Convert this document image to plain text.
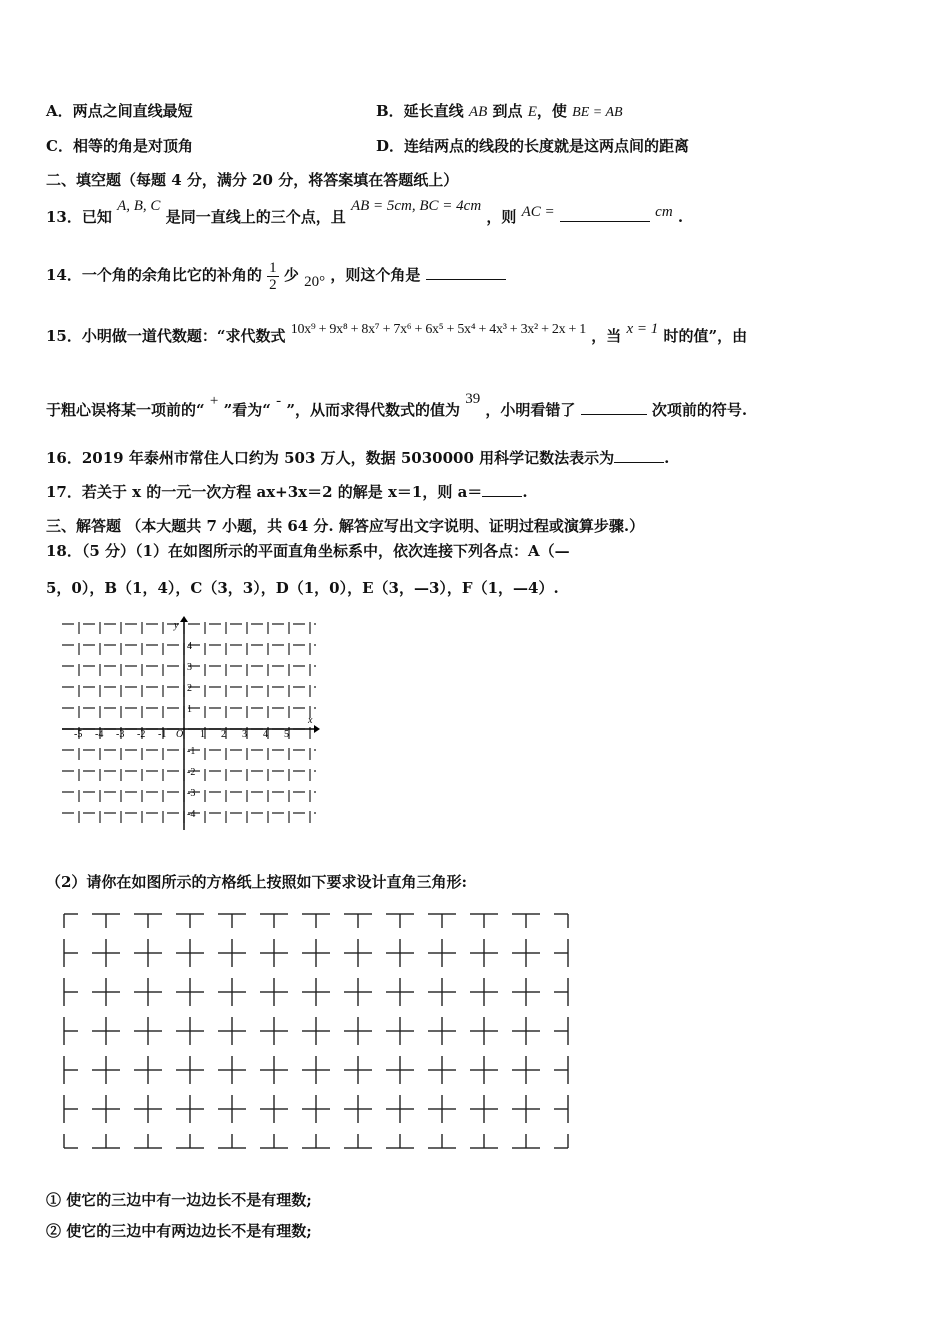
A．两点之间直线最短	B．延长直线 AB 到点 E，使 BE = AB
C．相等的角是对顶角	D．连结两点的线段的长度就是这两点间的距离
二、填空题（每题 4 分，满分 20 分，将答案填在答题纸上）
13．已知 A, B, C 是同一直线上的三个点，且 AB = 5cm, BC = 4cm ，则 AC =	cm .
14．一个角的余角比它的补角的 $\frac{1}{2}$ 少 20° ，则这个角是
15．小明做一道代数题：“求代数式 10x⁹ + 9x⁸ + 8x⁷ + 7x⁶ + 6x⁵ + 5x⁴ + 4x³ + 3x² + 2x + 1 ，当 x = 1 时的值”，由
于粗心误将某一项前的“ + ”看为“ - ”，从而求得代数式的值为 39 ，小明看错了	次项前的符号.
16．2019 年泰州市常住人口约为 503 万人，数据 5030000 用科学记数法表示为	.
17．若关于 x 的一元一次方程 ax+3x＝2 的解是 x＝1，则 a＝	.
三、解答题 （本大题共 7 小题，共 64 分. 解答应写出文字说明、证明过程或演算步骤.）
18．（5 分）（1）在如图所示的平面直角坐标系中，依次连接下列各点：A（—
5，0），B（1，4），C（3，3），D（1，0），E（3，—3），F（1，—4）.
x
y
O
-5 -4 -3 -2 -1	1 2 3 4 5
4
3
2
1
-1
-2
-3
-4
（2）请你在如图所示的方格纸上按照如下要求设计直角三角形:
① 使它的三边中有一边边长不是有理数;
② 使它的三边中有两边边长不是有理数;
